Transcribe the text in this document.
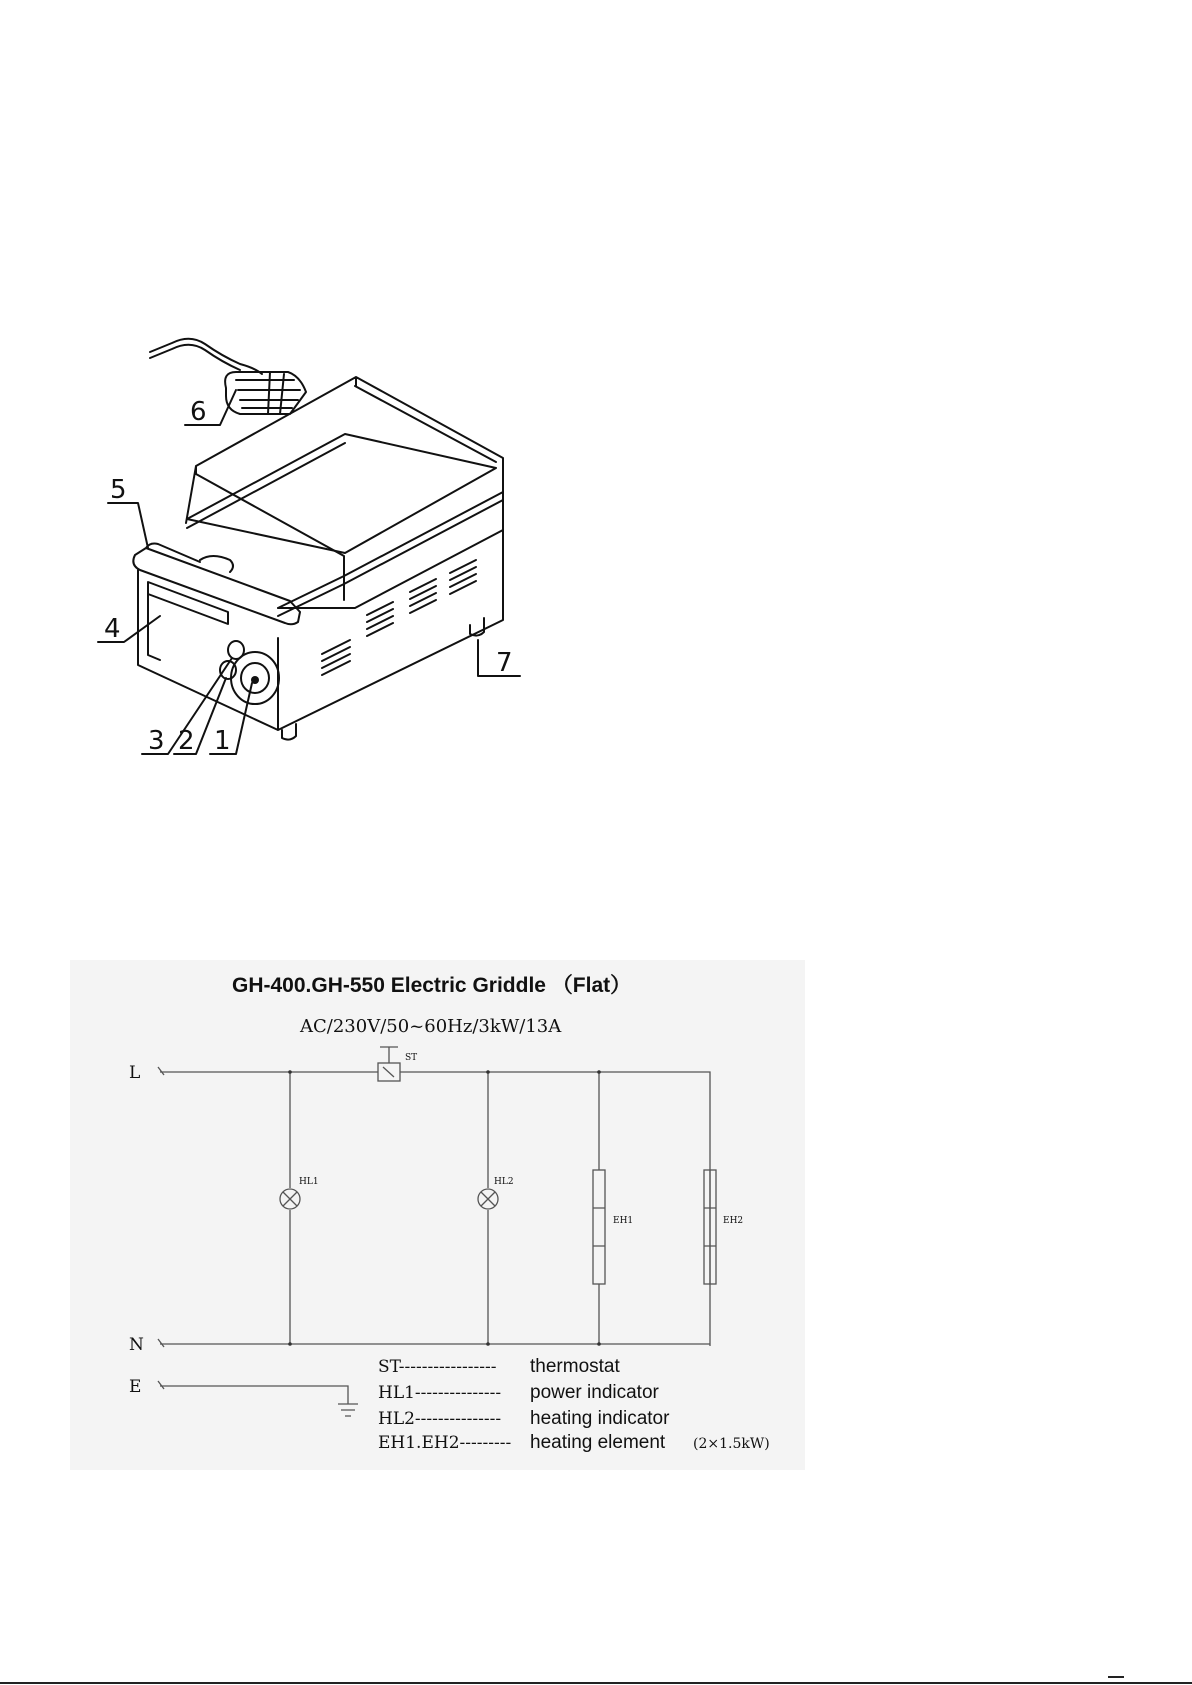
6
5
4
3 2 1
7
GH-400.GH-550 Electric Griddle （Flat）
AC/230V/50~60Hz/3kW/13A
L
N
E
ST
HL1	HL2
EH1	EH2
ST----------------- thermostat
HL1--------------- power indicator
HL2--------------- heating indicator
EH1.EH2--------- heating element (2×1.5kW)
